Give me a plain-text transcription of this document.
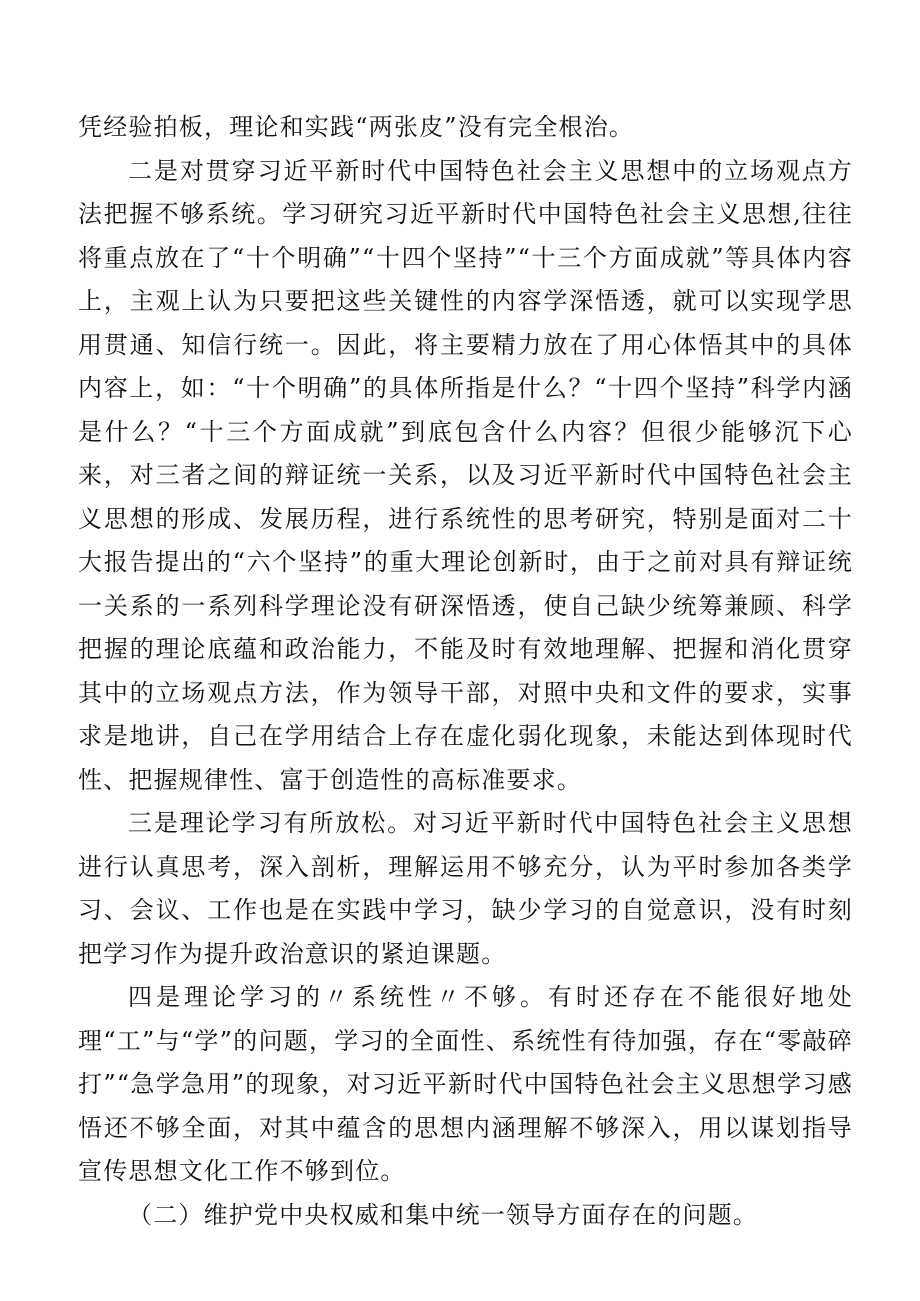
凭经验拍板，理论和实践“两张皮”没有完全根治。

二是对贯穿习近平新时代中国特色社会主义思想中的立场观点方法把握不够系统。学习研究习近平新时代中国特色社会主义思想,往往将重点放在了“十个明确”“十四个坚持”“十三个方面成就”等具体内容上，主观上认为只要把这些关键性的内容学深悟透，就可以实现学思用贯通、知信行统一。因此，将主要精力放在了用心体悟其中的具体内容上，如：“十个明确”的具体所指是什么？“十四个坚持”科学内涵是什么？“十三个方面成就”到底包含什么内容？但很少能够沉下心来，对三者之间的辩证统一关系，以及习近平新时代中国特色社会主义思想的形成、发展历程，进行系统性的思考研究，特别是面对二十大报告提出的“六个坚持”的重大理论创新时，由于之前对具有辩证统一关系的一系列科学理论没有研深悟透，使自己缺少统筹兼顾、科学把握的理论底蕴和政治能力，不能及时有效地理解、把握和消化贯穿其中的立场观点方法，作为领导干部，对照中央和文件的要求，实事求是地讲，自己在学用结合上存在虚化弱化现象，未能达到体现时代性、把握规律性、富于创造性的高标准要求。

三是理论学习有所放松。对习近平新时代中国特色社会主义思想进行认真思考，深入剖析，理解运用不够充分，认为平时参加各类学习、会议、工作也是在实践中学习，缺少学习的自觉意识，没有时刻把学习作为提升政治意识的紧迫课题。

四是理论学习的〃系统性〃不够。有时还存在不能很好地处理“工”与“学”的问题，学习的全面性、系统性有待加强，存在“零敲碎打”“急学急用”的现象，对习近平新时代中国特色社会主义思想学习感悟还不够全面，对其中蕴含的思想内涵理解不够深入，用以谋划指导宣传思想文化工作不够到位。

（二）维护党中央权威和集中统一领导方面存在的问题。
